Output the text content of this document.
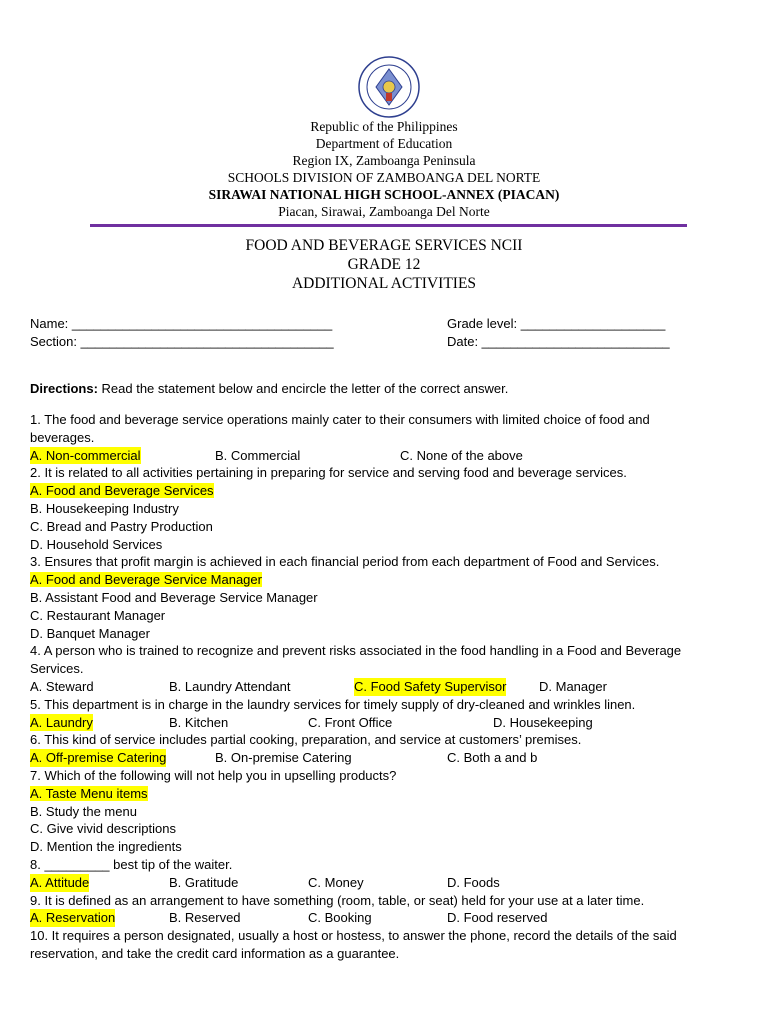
Republic of the Philippines
Department of Education
Region IX, Zamboanga Peninsula
SCHOOLS DIVISION OF ZAMBOANGA DEL NORTE
SIRAWAI NATIONAL HIGH SCHOOL-ANNEX (PIACAN)
Piacan, Sirawai, Zamboanga Del Norte
FOOD AND BEVERAGE SERVICES NCII
GRADE 12
ADDITIONAL ACTIVITIES
Name: ____________________________________
Section: ___________________________________
Grade level: ____________________
Date: __________________________
Directions: Read the statement below and encircle the letter of the correct answer.
1. The food and beverage service operations mainly cater to their consumers with limited choice of food and
beverages.
A. Non-commercial	B. Commercial	C. None of the above
2. It is related to all activities pertaining in preparing for service and serving food and beverage services.
A. Food and Beverage Services
B. Housekeeping Industry
C. Bread and Pastry Production
D. Household Services
3. Ensures that profit margin is achieved in each financial period from each department of Food and Services.
A. Food and Beverage Service Manager
B. Assistant Food and Beverage Service Manager
C. Restaurant Manager
D. Banquet Manager
4. A person who is trained to recognize and prevent risks associated in the food handling in a Food and Beverage
Services.
A. Steward	B. Laundry Attendant	C. Food Safety Supervisor	D. Manager
5. This department is in charge in the laundry services for timely supply of dry-cleaned and wrinkles linen.
A. Laundry	B. Kitchen	C. Front Office	D. Housekeeping
6. This kind of service includes partial cooking, preparation, and service at customers’ premises.
A. Off-premise Catering	B. On-premise Catering	C. Both a and b
7. Which of the following will not help you in upselling products?
A. Taste Menu items
B. Study the menu
C. Give vivid descriptions
D. Mention the ingredients
8. _________ best tip of the waiter.
A. Attitude	B. Gratitude	C. Money	D. Foods
9. It is defined as an arrangement to have something (room, table, or seat) held for your use at a later time.
A. Reservation	B. Reserved	C. Booking	D. Food reserved
10. It requires a person designated, usually a host or hostess, to answer the phone, record the details of the said
reservation, and take the credit card information as a guarantee.
